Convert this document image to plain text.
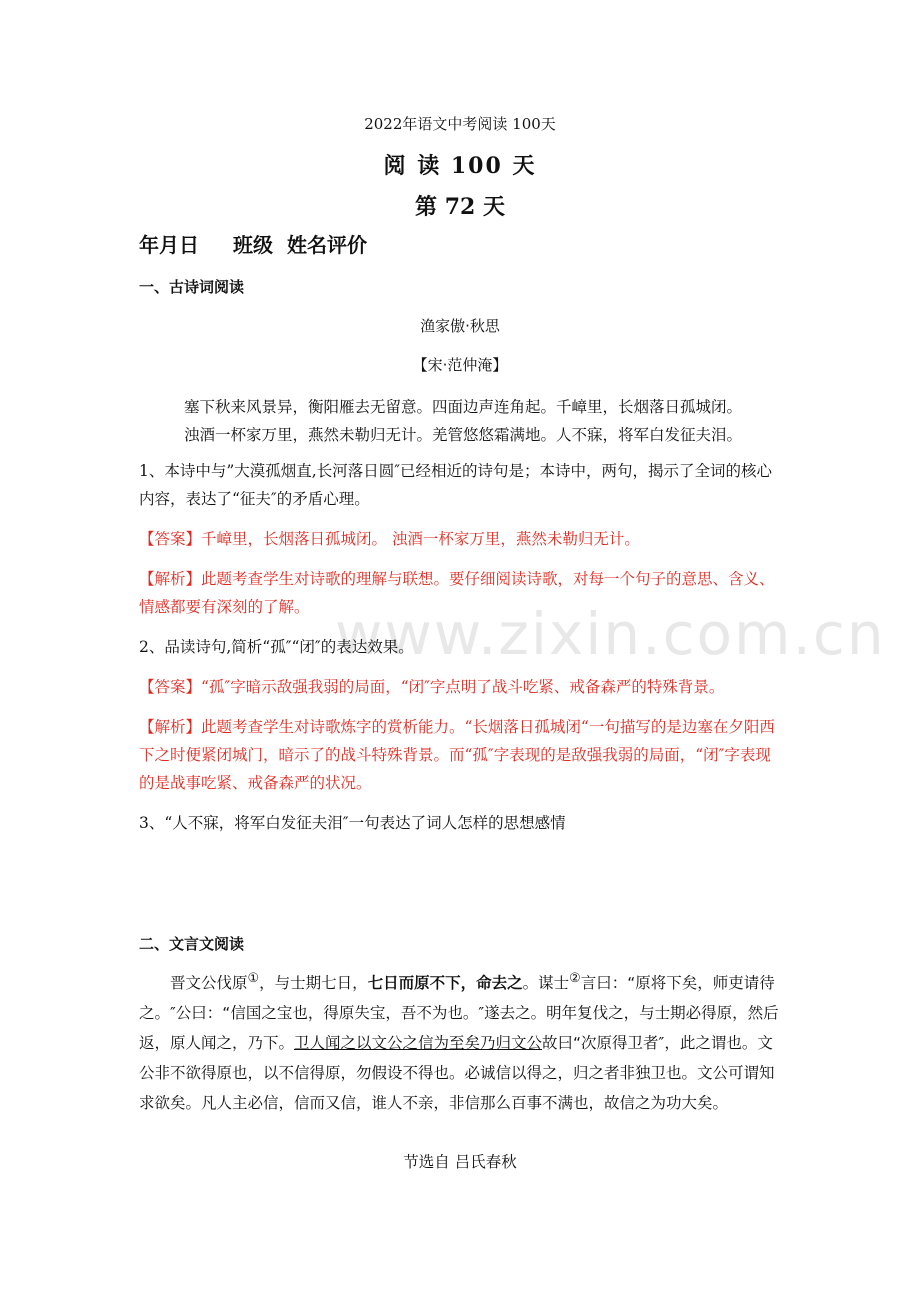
www.zixin.com.cn
2022年语文中考阅读 100天
阅 读 100 天
第 72 天
年月日 班级 姓名评价
一、古诗词阅读
渔家傲·秋思
【宋·范仲淹】
塞下秋来风景异，衡阳雁去无留意。四面边声连角起。千嶂里，长烟落日孤城闭。
浊酒一杯家万里，燕然未勒归无计。羌管悠悠霜满地。人不寐，将军白发征夫泪。
1、本诗中与”大漠孤烟直,长河落日圆″已经相近的诗句是；本诗中，两句，揭示了全词的核心内容，表达了“征夫″的矛盾心理。
【答案】千嶂里，长烟落日孤城闭。 浊酒一杯家万里，燕然未勒归无计。
【解析】此题考查学生对诗歌的理解与联想。要仔细阅读诗歌，对每一个句子的意思、含义、情感都要有深刻的了解。
2、品读诗句,简析“孤″“闭″的表达效果。
【答案】“孤″字暗示敌强我弱的局面，“闭″字点明了战斗吃紧、戒备森严的特殊背景。
【解析】此题考查学生对诗歌炼字的赏析能力。“长烟落日孤城闭“一句描写的是边塞在夕阳西下之时便紧闭城门，暗示了的战斗特殊背景。而“孤″字表现的是敌强我弱的局面，“闭″字表现的是战事吃紧、戒备森严的状况。
3、“人不寐，将军白发征夫泪″一句表达了词人怎样的思想感情
二、文言文阅读
晋文公伐原①，与士期七日，七日而原不下，命去之。谋士②言曰：“原将下矣，师吏请待之。″公曰：“信国之宝也，得原失宝，吾不为也。″遂去之。明年复伐之，与士期必得原，然后返，原人闻之，乃下。卫人闻之以文公之信为至矣乃归文公故曰“次原得卫者″，此之谓也。文公非不欲得原也，以不信得原，勿假设不得也。必诚信以得之，归之者非独卫也。文公可谓知求欲矣。凡人主必信，信而又信，谁人不亲，非信那么百事不满也，故信之为功大矣。
节选自 吕氏春秋
